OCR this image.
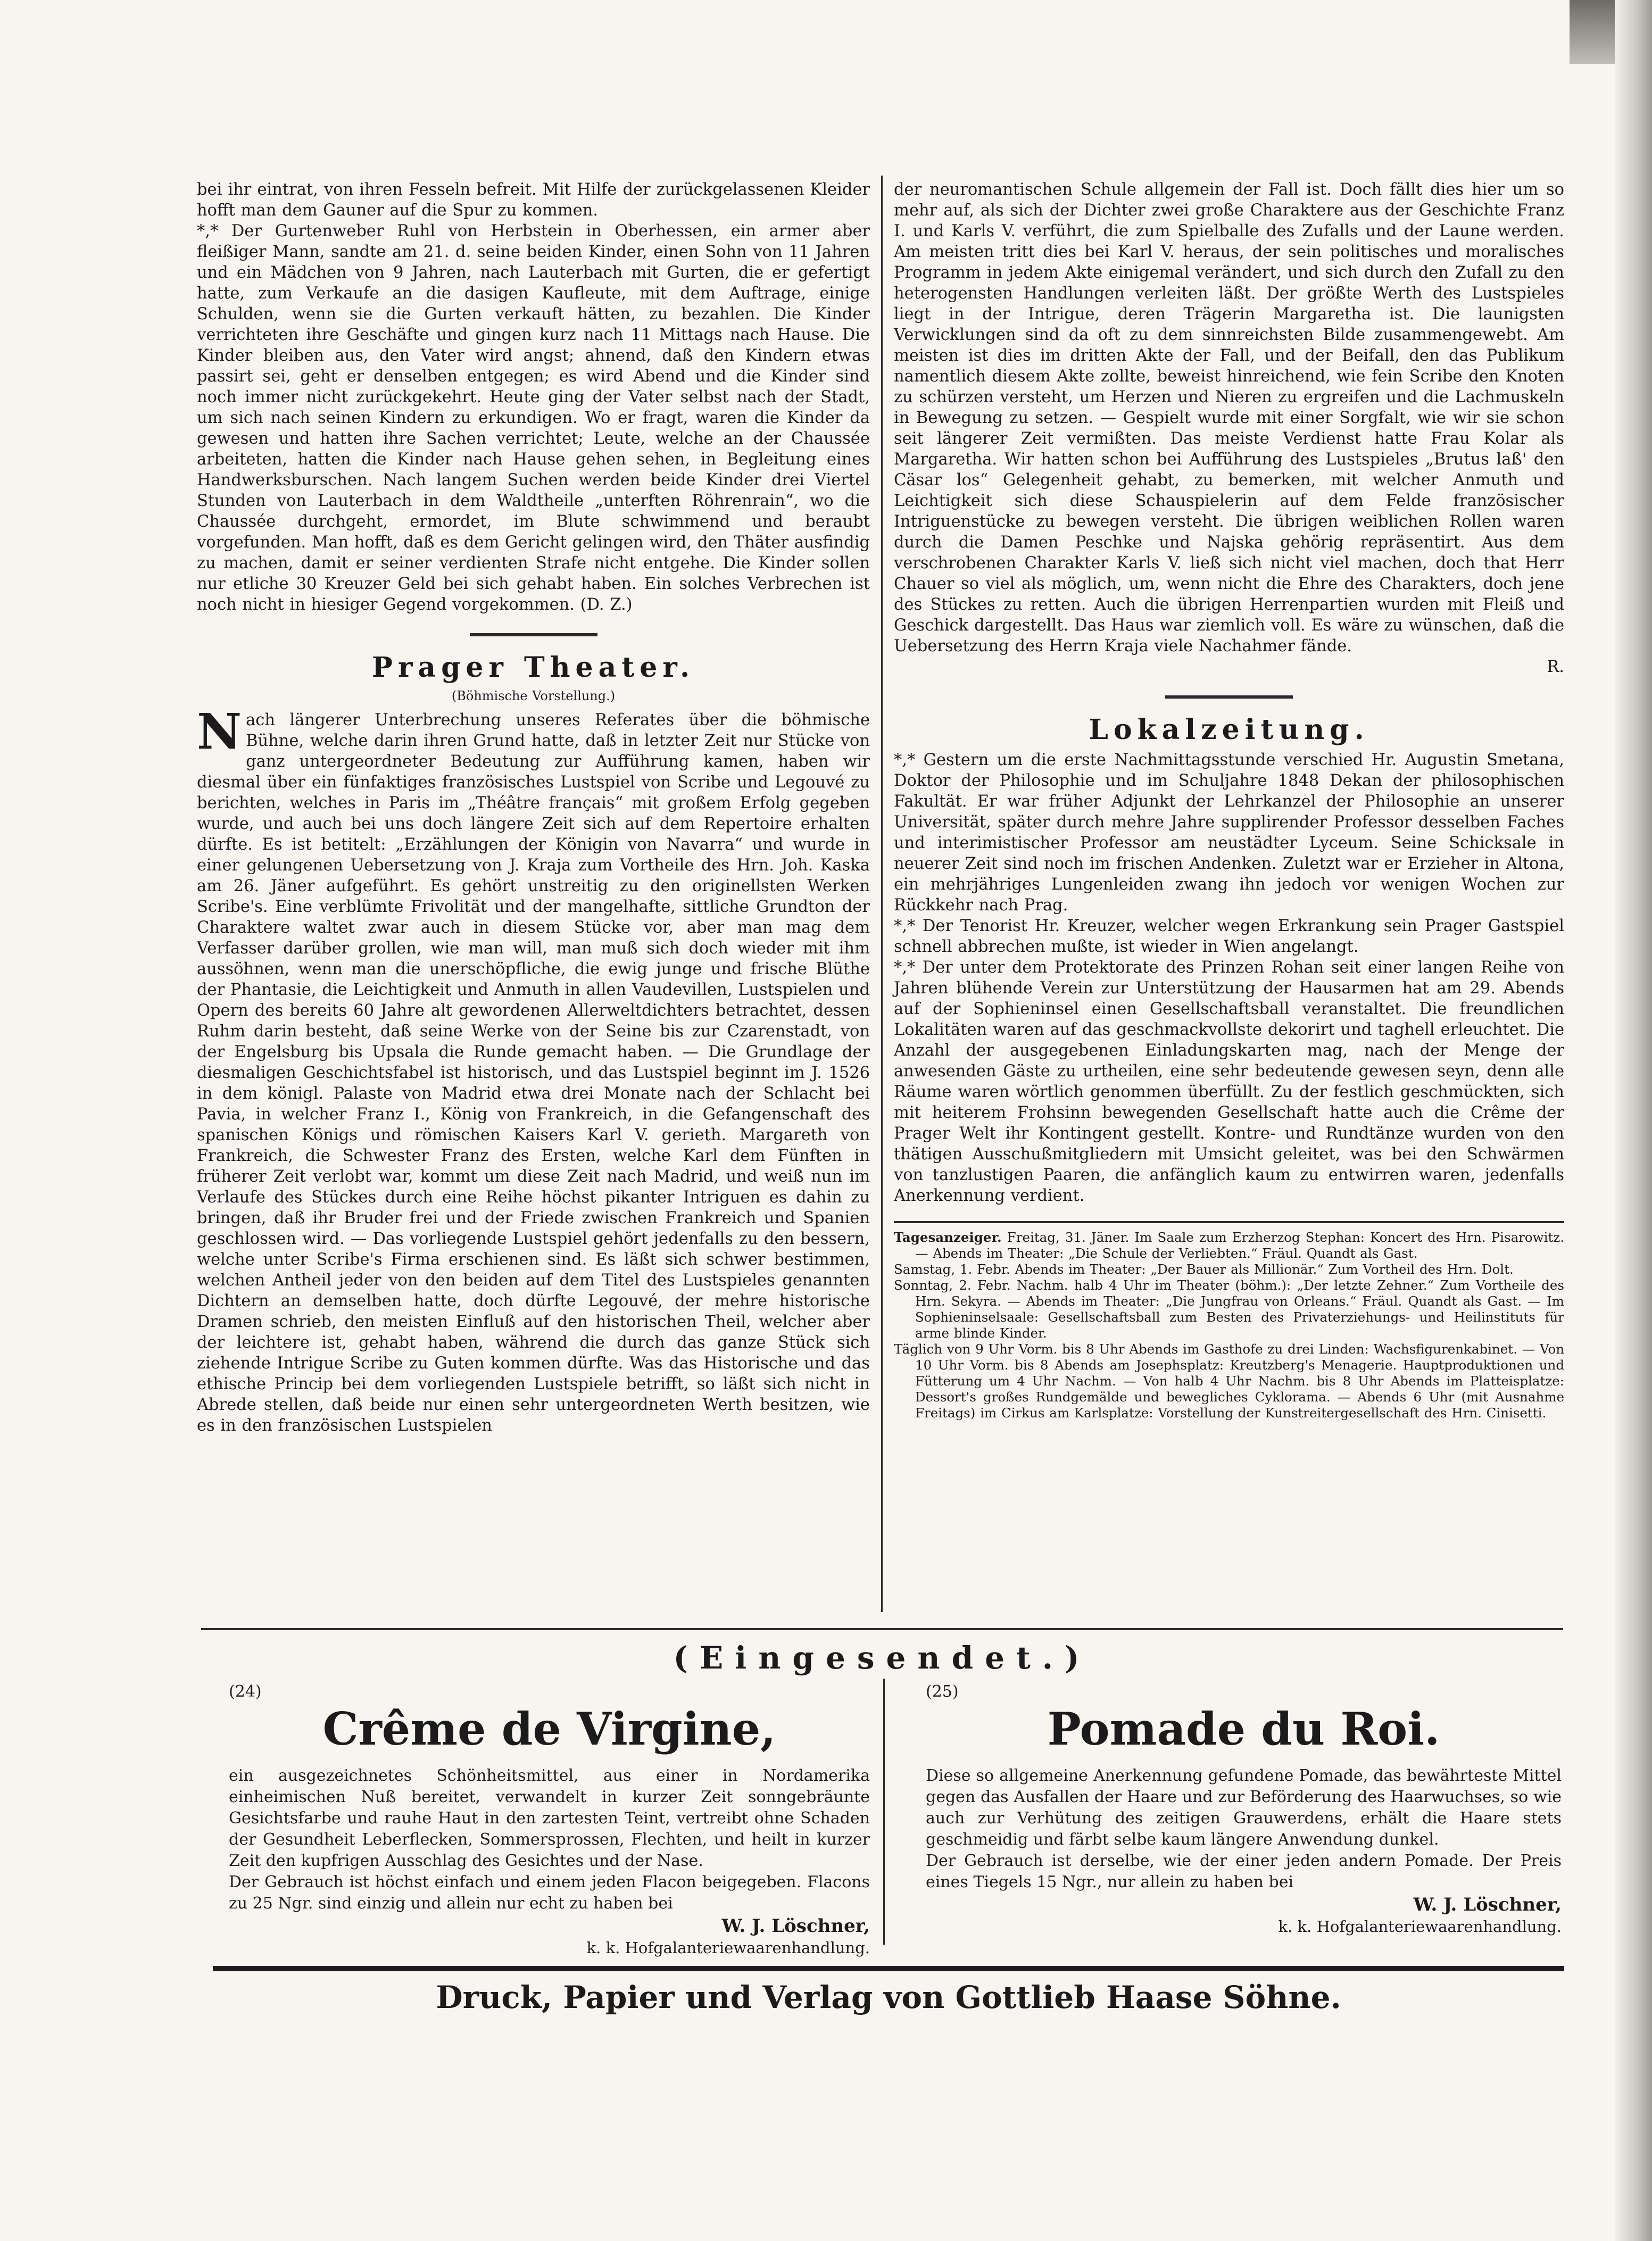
bei ihr eintrat, von ihren Fesseln befreit. Mit Hilfe der zurückgelassenen Kleider hofft man dem Gauner auf die Spur zu kommen.

*,* Der Gurtenweber Ruhl von Herbstein in Oberhessen, ein armer aber fleißiger Mann, sandte am 21. d. seine beiden Kinder, einen Sohn von 11 Jahren und ein Mädchen von 9 Jahren, nach Lauterbach mit Gurten, die er gefertigt hatte, zum Verkaufe an die dasigen Kaufleute, mit dem Auftrage, einige Schulden, wenn sie die Gurten verkauft hätten, zu bezahlen. Die Kinder verrichteten ihre Geschäfte und gingen kurz nach 11 Mittags nach Hause. Die Kinder bleiben aus, den Vater wird angst; ahnend, daß den Kindern etwas passirt sei, geht er denselben entgegen; es wird Abend und die Kinder sind noch immer nicht zurückgekehrt. Heute ging der Vater selbst nach der Stadt, um sich nach seinen Kindern zu erkundigen. Wo er fragt, waren die Kinder da gewesen und hatten ihre Sachen verrichtet; Leute, welche an der Chaussée arbeiteten, hatten die Kinder nach Hause gehen sehen, in Begleitung eines Handwerksburschen. Nach langem Suchen werden beide Kinder drei Viertel Stunden von Lauterbach in dem Waldtheile „unterften Röhrenrain“, wo die Chaussée durchgeht, ermordet, im Blute schwimmend und beraubt vorgefunden. Man hofft, daß es dem Gericht gelingen wird, den Thäter ausfindig zu machen, damit er seiner verdienten Strafe nicht entgehe. Die Kinder sollen nur etliche 30 Kreuzer Geld bei sich gehabt haben. Ein solches Verbrechen ist noch nicht in hiesiger Gegend vorgekommen. (D. Z.)

Prager Theater.
(Böhmische Vorstellung.)

Nach längerer Unterbrechung unseres Referates über die böhmische Bühne, welche darin ihren Grund hatte, daß in letzter Zeit nur Stücke von ganz untergeordneter Bedeutung zur Aufführung kamen, haben wir diesmal über ein fünfaktiges französisches Lustspiel von Scribe und Legouvé zu berichten, welches in Paris im „Théâtre français“ mit großem Erfolg gegeben wurde, und auch bei uns doch längere Zeit sich auf dem Repertoire erhalten dürfte. Es ist betitelt: „Erzählungen der Königin von Navarra“ und wurde in einer gelungenen Uebersetzung von J. Kraja zum Vortheile des Hrn. Joh. Kaska am 26. Jäner aufgeführt. Es gehört unstreitig zu den originellsten Werken Scribe's. Eine verblümte Frivolität und der mangelhafte, sittliche Grundton der Charaktere waltet zwar auch in diesem Stücke vor, aber man mag dem Verfasser darüber grollen, wie man will, man muß sich doch wieder mit ihm aussöhnen, wenn man die unerschöpfliche, die ewig junge und frische Blüthe der Phantasie, die Leichtigkeit und Anmuth in allen Vaudevillen, Lustspielen und Opern des bereits 60 Jahre alt gewordenen Allerweltdichters betrachtet, dessen Ruhm darin besteht, daß seine Werke von der Seine bis zur Czarenstadt, von der Engelsburg bis Upsala die Runde gemacht haben. — Die Grundlage der diesmaligen Geschichtsfabel ist historisch, und das Lustspiel beginnt im J. 1526 in dem königl. Palaste von Madrid etwa drei Monate nach der Schlacht bei Pavia, in welcher Franz I., König von Frankreich, in die Gefangenschaft des spanischen Königs und römischen Kaisers Karl V. gerieth. Margareth von Frankreich, die Schwester Franz des Ersten, welche Karl dem Fünften in früherer Zeit verlobt war, kommt um diese Zeit nach Madrid, und weiß nun im Verlaufe des Stückes durch eine Reihe höchst pikanter Intriguen es dahin zu bringen, daß ihr Bruder frei und der Friede zwischen Frankreich und Spanien geschlossen wird. — Das vorliegende Lustspiel gehört jedenfalls zu den bessern, welche unter Scribe's Firma erschienen sind. Es läßt sich schwer bestimmen, welchen Antheil jeder von den beiden auf dem Titel des Lustspieles genannten Dichtern an demselben hatte, doch dürfte Legouvé, der mehre historische Dramen schrieb, den meisten Einfluß auf den historischen Theil, welcher aber der leichtere ist, gehabt haben, während die durch das ganze Stück sich ziehende Intrigue Scribe zu Guten kommen dürfte. Was das Historische und das ethische Princip bei dem vorliegenden Lustspiele betrifft, so läßt sich nicht in Abrede stellen, daß beide nur einen sehr untergeordneten Werth besitzen, wie es in den französischen Lustspielen

der neuromantischen Schule allgemein der Fall ist. Doch fällt dies hier um so mehr auf, als sich der Dichter zwei große Charaktere aus der Geschichte Franz I. und Karls V. verführt, die zum Spielballe des Zufalls und der Laune werden. Am meisten tritt dies bei Karl V. heraus, der sein politisches und moralisches Programm in jedem Akte einigemal verändert, und sich durch den Zufall zu den heterogensten Handlungen verleiten läßt. Der größte Werth des Lustspieles liegt in der Intrigue, deren Trägerin Margaretha ist. Die launigsten Verwicklungen sind da oft zu dem sinnreichsten Bilde zusammengewebt. Am meisten ist dies im dritten Akte der Fall, und der Beifall, den das Publikum namentlich diesem Akte zollte, beweist hinreichend, wie fein Scribe den Knoten zu schürzen versteht, um Herzen und Nieren zu ergreifen und die Lachmuskeln in Bewegung zu setzen. — Gespielt wurde mit einer Sorgfalt, wie wir sie schon seit längerer Zeit vermißten. Das meiste Verdienst hatte Frau Kolar als Margaretha. Wir hatten schon bei Aufführung des Lustspieles „Brutus laß' den Cäsar los“ Gelegenheit gehabt, zu bemerken, mit welcher Anmuth und Leichtigkeit sich diese Schauspielerin auf dem Felde französischer Intriguenstücke zu bewegen versteht. Die übrigen weiblichen Rollen waren durch die Damen Peschke und Najska gehörig repräsentirt. Aus dem verschrobenen Charakter Karls V. ließ sich nicht viel machen, doch that Herr Chauer so viel als möglich, um, wenn nicht die Ehre des Charakters, doch jene des Stückes zu retten. Auch die übrigen Herrenpartien wurden mit Fleiß und Geschick dargestellt. Das Haus war ziemlich voll. Es wäre zu wünschen, daß die Uebersetzung des Herrn Kraja viele Nachahmer fände.

R.

Lokalzeitung.

*,* Gestern um die erste Nachmittagsstunde verschied Hr. Augustin Smetana, Doktor der Philosophie und im Schuljahre 1848 Dekan der philosophischen Fakultät. Er war früher Adjunkt der Lehrkanzel der Philosophie an unserer Universität, später durch mehre Jahre supplirender Professor desselben Faches und interimistischer Professor am neustädter Lyceum. Seine Schicksale in neuerer Zeit sind noch im frischen Andenken. Zuletzt war er Erzieher in Altona, ein mehrjähriges Lungenleiden zwang ihn jedoch vor wenigen Wochen zur Rückkehr nach Prag.

*,* Der Tenorist Hr. Kreuzer, welcher wegen Erkrankung sein Prager Gastspiel schnell abbrechen mußte, ist wieder in Wien angelangt.

*,* Der unter dem Protektorate des Prinzen Rohan seit einer langen Reihe von Jahren blühende Verein zur Unterstützung der Hausarmen hat am 29. Abends auf der Sophieninsel einen Gesellschaftsball veranstaltet. Die freundlichen Lokalitäten waren auf das geschmackvollste dekorirt und taghell erleuchtet. Die Anzahl der ausgegebenen Einladungskarten mag, nach der Menge der anwesenden Gäste zu urtheilen, eine sehr bedeutende gewesen seyn, denn alle Räume waren wörtlich genommen überfüllt. Zu der festlich geschmückten, sich mit heiterem Frohsinn bewegenden Gesellschaft hatte auch die Crême der Prager Welt ihr Kontingent gestellt. Kontre- und Rundtänze wurden von den thätigen Ausschußmitgliedern mit Umsicht geleitet, was bei den Schwärmen von tanzlustigen Paaren, die anfänglich kaum zu entwirren waren, jedenfalls Anerkennung verdient.

Tagesanzeiger. Freitag, 31. Jäner. Im Saale zum Erzherzog Stephan: Koncert des Hrn. Pisarowitz. — Abends im Theater: „Die Schule der Verliebten.“ Fräul. Quandt als Gast.

Samstag, 1. Febr. Abends im Theater: „Der Bauer als Millionär.“ Zum Vortheil des Hrn. Dolt.

Sonntag, 2. Febr. Nachm. halb 4 Uhr im Theater (böhm.): „Der letzte Zehner.“ Zum Vortheile des Hrn. Sekyra. — Abends im Theater: „Die Jungfrau von Orleans.“ Fräul. Quandt als Gast. — Im Sophieninselsaale: Gesellschaftsball zum Besten des Privaterziehungs- und Heilinstituts für arme blinde Kinder.

Täglich von 9 Uhr Vorm. bis 8 Uhr Abends im Gasthofe zu drei Linden: Wachsfigurenkabinet. — Von 10 Uhr Vorm. bis 8 Abends am Josephsplatz: Kreutzberg's Menagerie. Hauptproduktionen und Fütterung um 4 Uhr Nachm. — Von halb 4 Uhr Nachm. bis 8 Uhr Abends im Platteisplatze: Dessort's großes Rundgemälde und bewegliches Cyklorama. — Abends 6 Uhr (mit Ausnahme Freitags) im Cirkus am Karlsplatze: Vorstellung der Kunstreitergesellschaft des Hrn. Cinisetti.

(Eingesendet.)
(24)
Crême de Virgine,

ein ausgezeichnetes Schönheitsmittel, aus einer in Nordamerika einheimischen Nuß bereitet, verwandelt in kurzer Zeit sonngebräunte Gesichtsfarbe und rauhe Haut in den zartesten Teint, vertreibt ohne Schaden der Gesundheit Leberflecken, Sommersprossen, Flechten, und heilt in kurzer Zeit den kupfrigen Ausschlag des Gesichtes und der Nase.

Der Gebrauch ist höchst einfach und einem jeden Flacon beigegeben. Flacons zu 25 Ngr. sind einzig und allein nur echt zu haben bei

W. J. Löschner,
k. k. Hofgalanteriewaarenhandlung.
(25)
Pomade du Roi.

Diese so allgemeine Anerkennung gefundene Pomade, das bewährteste Mittel gegen das Ausfallen der Haare und zur Beförderung des Haarwuchses, so wie auch zur Verhütung des zeitigen Grauwerdens, erhält die Haare stets geschmeidig und färbt selbe kaum längere Anwendung dunkel.

Der Gebrauch ist derselbe, wie der einer jeden andern Pomade. Der Preis eines Tiegels 15 Ngr., nur allein zu haben bei

W. J. Löschner,
k. k. Hofgalanteriewaarenhandlung.
Druck, Papier und Verlag von Gottlieb Haase Söhne.
